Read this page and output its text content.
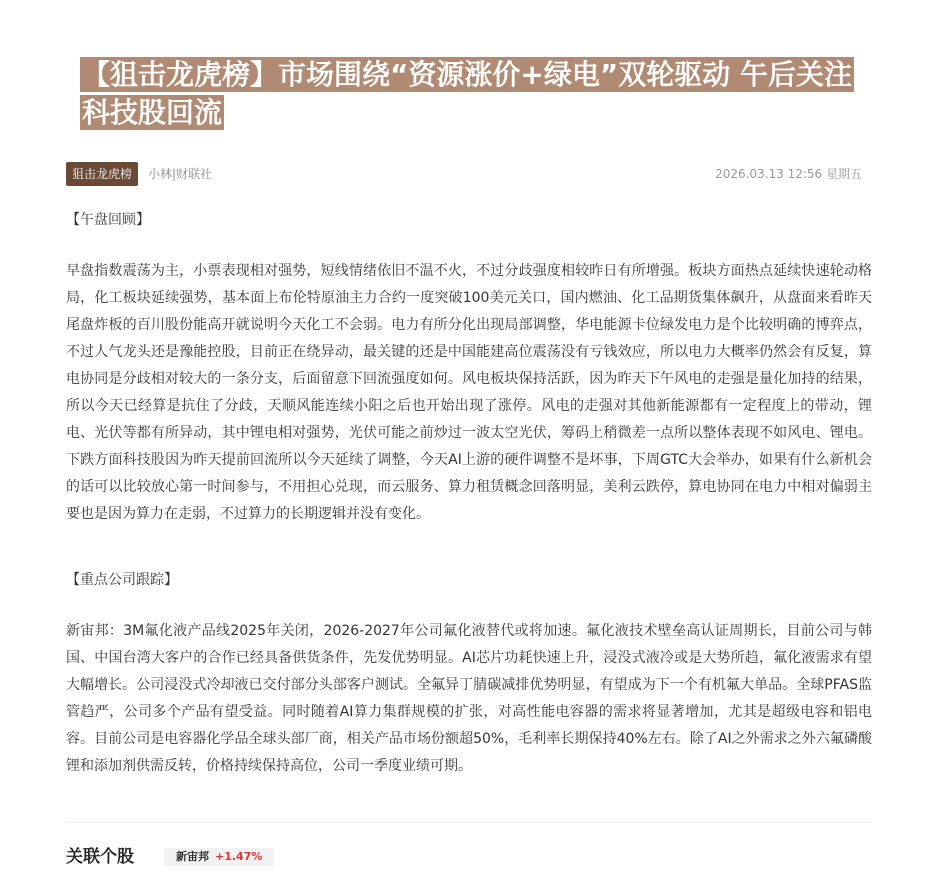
【狙击龙虎榜】市场围绕“资源涨价+绿电”双轮驱动 午后关注科技股回流
狙击龙虎榜	小林|财联社	2026.03.13 12:56 星期五
【午盘回顾】

早盘指数震荡为主，小票表现相对强势，短线情绪依旧不温不火，不过分歧强度相较昨日有所增强。板块方面热点延续快速轮动格局，化工板块延续强势，基本面上布伦特原油主力合约一度突破100美元关口，国内燃油、化工品期货集体飙升，从盘面来看昨天尾盘炸板的百川股份能高开就说明今天化工不会弱。电力有所分化出现局部调整，华电能源卡位绿发电力是个比较明确的博弈点，不过人气龙头还是豫能控股，目前正在绕异动，最关键的还是中国能建高位震荡没有亏钱效应，所以电力大概率仍然会有反复，算电协同是分歧相对较大的一条分支，后面留意下回流强度如何。风电板块保持活跃，因为昨天下午风电的走强是量化加持的结果，所以今天已经算是抗住了分歧，天顺风能连续小阳之后也开始出现了涨停。风电的走强对其他新能源都有一定程度上的带动，锂电、光伏等都有所异动，其中锂电相对强势，光伏可能之前炒过一波太空光伏，筹码上稍微差一点所以整体表现不如风电、锂电。下跌方面科技股因为昨天提前回流所以今天延续了调整，今天AI上游的硬件调整不是坏事，下周GTC大会举办，如果有什么新机会的话可以比较放心第一时间参与，不用担心兑现，而云服务、算力租赁概念回落明显，美利云跌停，算电协同在电力中相对偏弱主要也是因为算力在走弱，不过算力的长期逻辑并没有变化。

【重点公司跟踪】

新宙邦：3M氟化液产品线2025年关闭，2026-2027年公司氟化液替代或将加速。氟化液技术壁垒高认证周期长，目前公司与韩国、中国台湾大客户的合作已经具备供货条件，先发优势明显。AI芯片功耗快速上升，浸没式液冷或是大势所趋，氟化液需求有望大幅增长。公司浸没式冷却液已交付部分头部客户测试。全氟异丁腈碳减排优势明显，有望成为下一个有机氟大单品。全球PFAS监管趋严，公司多个产品有望受益。同时随着AI算力集群规模的扩张，对高性能电容器的需求将显著增加，尤其是超级电容和铝电容。目前公司是电容器化学品全球头部厂商，相关产品市场份额超50%，毛利率长期保持40%左右。除了AI之外需求之外六氟磷酸锂和添加剂供需反转，价格持续保持高位，公司一季度业绩可期。

关联个股	新宙邦 +1.47%
